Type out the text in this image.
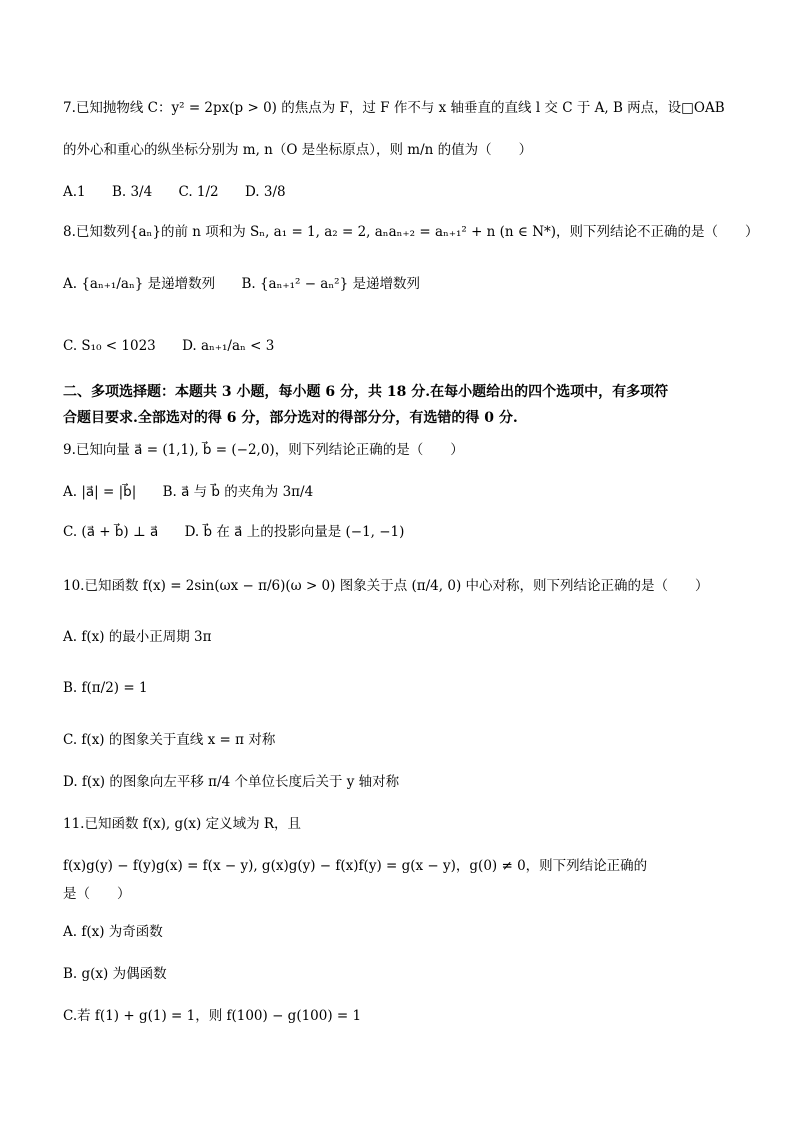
7.已知抛物线 C：y² = 2px(p > 0) 的焦点为 F，过 F 作不与 x 轴垂直的直线 l 交 C 于 A, B 两点，设□OAB
的外心和重心的纵坐标分别为 m, n（O 是坐标原点），则 m/n 的值为（　　）
A.1 B. 3/4 C. 1/2 D. 3/8
8.已知数列{aₙ}的前 n 项和为 Sₙ, a₁ = 1, a₂ = 2, aₙaₙ₊₂ = aₙ₊₁² + n (n ∈ N*)，则下列结论不正确的是（　　）
A. {aₙ₊₁/aₙ} 是递增数列 B. {aₙ₊₁² − aₙ²} 是递增数列
C. S₁₀ < 1023 D. aₙ₊₁/aₙ < 3
二、多项选择题：本题共 3 小题，每小题 6 分，共 18 分.在每小题给出的四个选项中，有多项符
合题目要求.全部选对的得 6 分，部分选对的得部分分，有选错的得 0 分.
9.已知向量 a⃗ = (1,1), b⃗ = (−2,0)，则下列结论正确的是（　　）
A. |a⃗| = |b⃗| B. a⃗ 与 b⃗ 的夹角为 3π/4
C. (a⃗ + b⃗) ⊥ a⃗ D. b⃗ 在 a⃗ 上的投影向量是 (−1, −1)
10.已知函数 f(x) = 2sin(ωx − π/6)(ω > 0) 图象关于点 (π/4, 0) 中心对称，则下列结论正确的是（　　）
A. f(x) 的最小正周期 3π
B. f(π/2) = 1
C. f(x) 的图象关于直线 x = π 对称
D. f(x) 的图象向左平移 π/4 个单位长度后关于 y 轴对称
11.已知函数 f(x), g(x) 定义域为 R，且
f(x)g(y) − f(y)g(x) = f(x − y), g(x)g(y) − f(x)f(y) = g(x − y)，g(0) ≠ 0，则下列结论正确的
是（　　）
A. f(x) 为奇函数
B. g(x) 为偶函数
C.若 f(1) + g(1) = 1，则 f(100) − g(100) = 1
